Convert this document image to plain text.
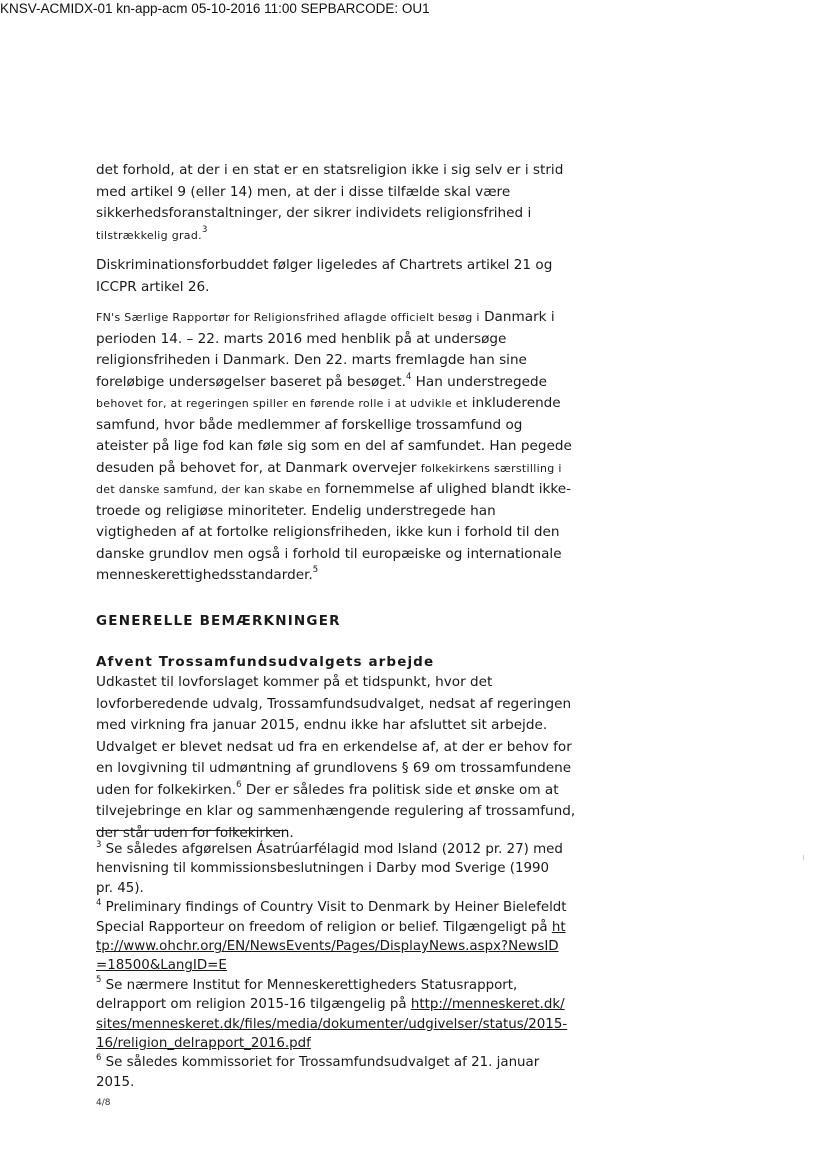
KNSV-ACMIDX-01 kn-app-acm 05-10-2016 11:00 SEPBARCODE: OU1

det forhold, at der i en stat er en statsreligion ikke i sig selv er i strid med artikel 9 (eller 14) men, at der i disse tilfælde skal være sikkerhedsforanstaltninger, der sikrer individets religionsfrihed i tilstrækkelig grad.$^3$

Diskriminationsforbuddet følger ligeledes af Chartrets artikel 21 og ICCPR artikel 26.

FN's Særlige Rapportør for Religionsfrihed aflagde officielt besøg i Danmark i perioden 14. – 22. marts 2016 med henblik på at undersøge religionsfriheden i Danmark. Den 22. marts fremlagde han sine foreløbige undersøgelser baseret på besøget.$^4$ Han understregede behovet for, at regeringen spiller en førende rolle i at udvikle et inkluderende samfund, hvor både medlemmer af forskellige trossamfund og ateister på lige fod kan føle sig som en del af samfundet. Han pegede desuden på behovet for, at Danmark overvejer folkekirkens særstilling i det danske samfund, der kan skabe en fornemmelse af ulighed blandt ikke-troede og religiøse minoriteter. Endelig understregede han vigtigheden af at fortolke religionsfriheden, ikke kun i forhold til den danske grundlov men også i forhold til europæiske og internationale menneskerettighedsstandarder.$^5$

GENERELLE BEMÆRKNINGER
Afvent Trossamfundsudvalgets arbejde

Udkastet til lovforslaget kommer på et tidspunkt, hvor det lovforberedende udvalg, Trossamfundsudvalget, nedsat af regeringen med virkning fra januar 2015, endnu ikke har afsluttet sit arbejde. Udvalget er blevet nedsat ud fra en erkendelse af, at der er behov for en lovgivning til udmøntning af grundlovens § 69 om trossamfundene uden for folkekirken.$^6$ Der er således fra politisk side et ønske om at tilvejebringe en klar og sammenhængende regulering af trossamfund, der står uden for folkekirken.

$^3$ Se således afgørelsen Ásatrúarfélagid mod Island (2012 pr. 27) med henvisning til kommissionsbeslutningen i Darby mod Sverige (1990 pr. 45).

$^4$ Preliminary findings of Country Visit to Denmark by Heiner Bielefeldt Special Rapporteur on freedom of religion or belief. Tilgængeligt på http://www.ohchr.org/EN/NewsEvents/Pages/DisplayNews.aspx?NewsID=18500&LangID=E

$^5$ Se nærmere Institut for Menneskerettigheders Statusrapport, delrapport om religion 2015-16 tilgængelig på http://menneskeret.dk/sites/menneskeret.dk/files/media/dokumenter/udgivelser/status/2015-16/religion_delrapport_2016.pdf

$^6$ Se således kommissoriet for Trossamfundsudvalget af 21. januar 2015.

4/8
